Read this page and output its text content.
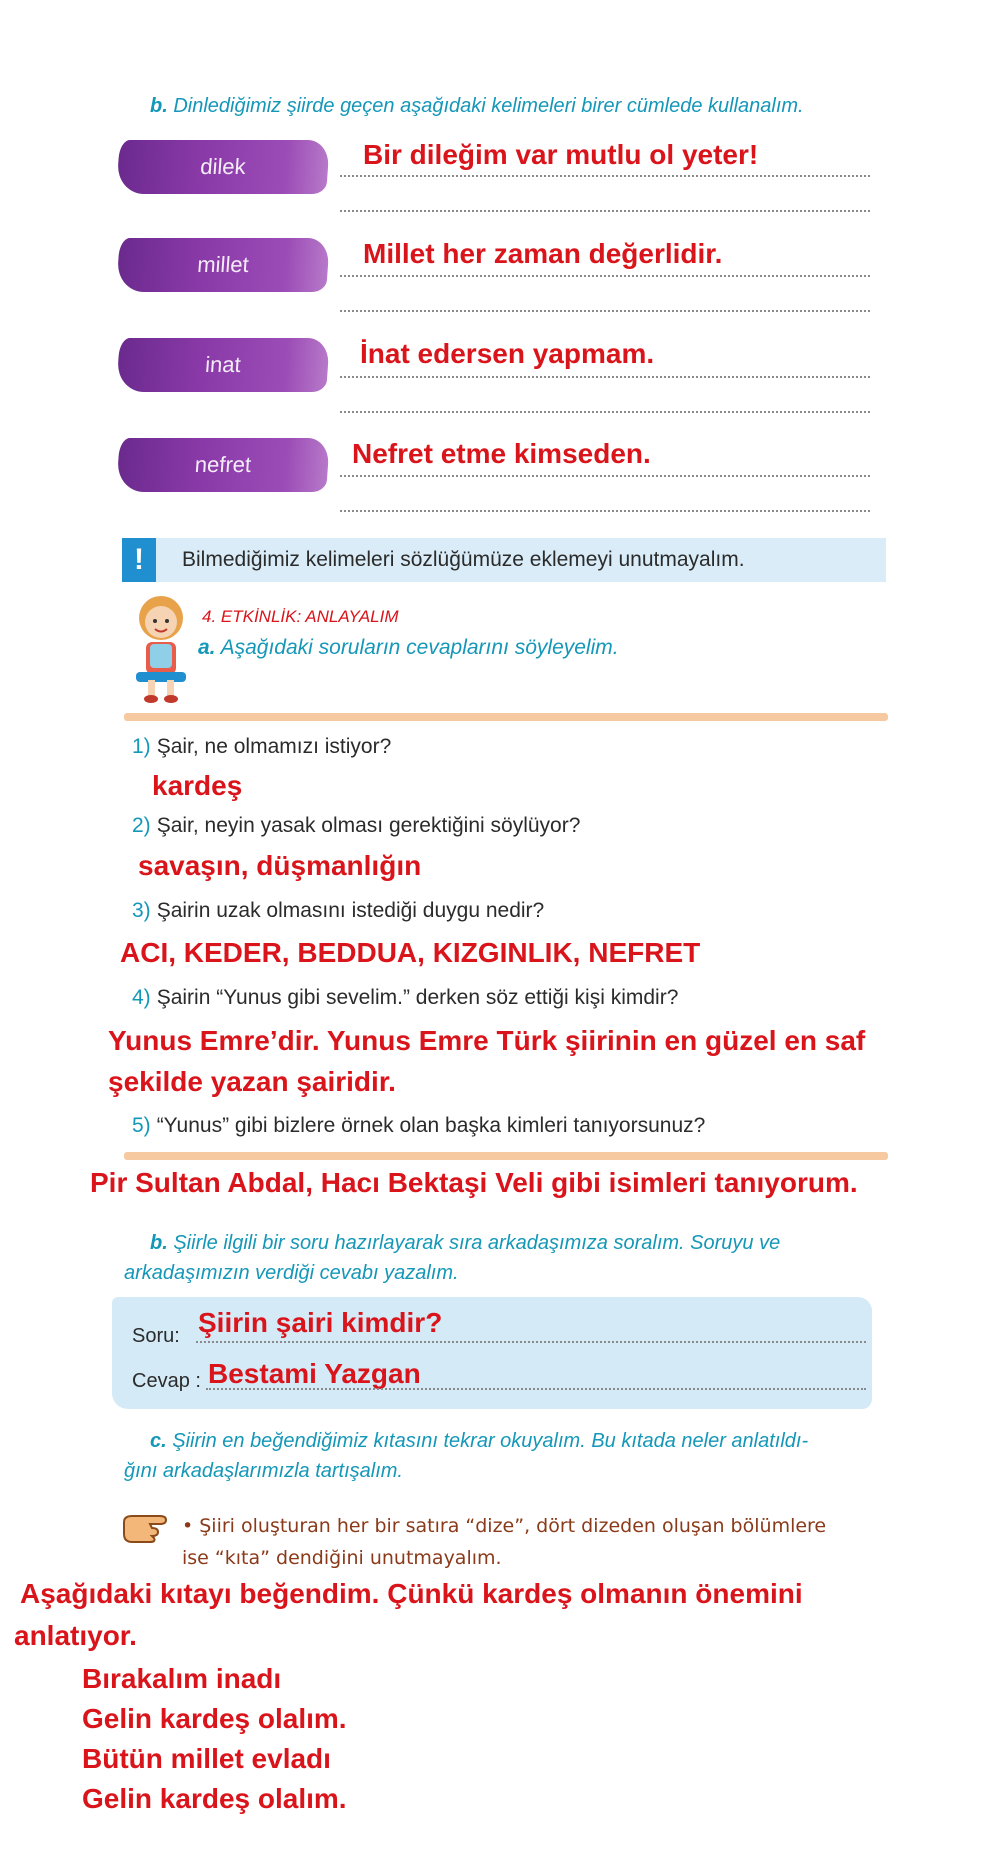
b. Dinlediğimiz şiirde geçen aşağıdaki kelimeleri birer cümlede kullanalım.
dilek	Bir dileğim var mutlu ol yeter!
millet	Millet her zaman değerlidir.
inat	İnat edersen yapmam.
nefret	Nefret etme kimseden.
!	Bilmediğimiz kelimeleri sözlüğümüze eklemeyi unutmayalım.
4. ETKİNLİK: ANLAYALIM
a. Aşağıdaki soruların cevaplarını söyleyelim.
1) Şair, ne olmamızı istiyor?
kardeş
2) Şair, neyin yasak olması gerektiğini söylüyor?
savaşın, düşmanlığın
3) Şairin uzak olmasını istediği duygu nedir?
ACI, KEDER, BEDDUA, KIZGINLIK, NEFRET
4) Şairin “Yunus gibi sevelim.” derken söz ettiği kişi kimdir?
Yunus Emre’dir. Yunus Emre Türk şiirinin en güzel en saf
şekilde yazan şairidir.
5) “Yunus” gibi bizlere örnek olan başka kimleri tanıyorsunuz?
Pir Sultan Abdal, Hacı Bektaşi Veli gibi isimleri tanıyorum.
b. Şiirle ilgili bir soru hazırlayarak sıra arkadaşımıza soralım. Soruyu ve
arkadaşımızın verdiği cevabı yazalım.
Soru: Şiirin şairi kimdir?
Cevap : Bestami Yazgan
c. Şiirin en beğendiğimiz kıtasını tekrar okuyalım. Bu kıtada neler anlatıldı-
ğını arkadaşlarımızla tartışalım.
• Şiiri oluşturan her bir satıra “dize”, dört dizeden oluşan bölümlere
ise “kıta” dendiğini unutmayalım.
Aşağıdaki kıtayı beğendim. Çünkü kardeş olmanın önemini
anlatıyor.
Bırakalım inadı
Gelin kardeş olalım.
Bütün millet evladı
Gelin kardeş olalım.
